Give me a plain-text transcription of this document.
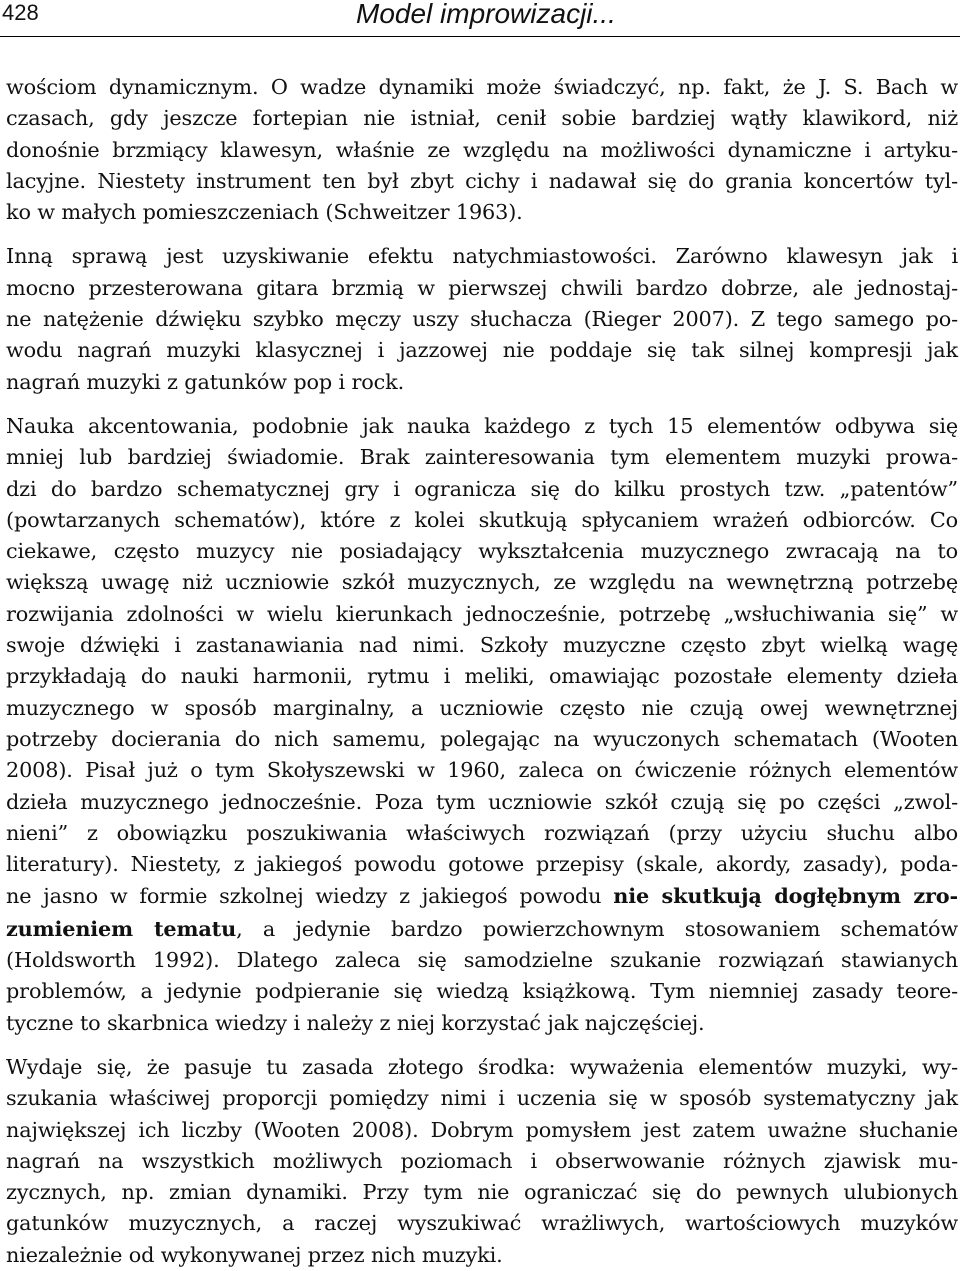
428	Model improwizacji...

wościom dynamicznym. O wadze dynamiki może świadczyć, np. fakt, że J. S. Bach w
czasach, gdy jeszcze fortepian nie istniał, cenił sobie bardziej wątły klawikord, niż
donośnie brzmiący klawesyn, właśnie ze względu na możliwości dynamiczne i artyku-
lacyjne. Niestety instrument ten był zbyt cichy i nadawał się do grania koncertów tyl-
ko w małych pomieszczeniach (Schweitzer 1963).

Inną sprawą jest uzyskiwanie efektu natychmiastowości. Zarówno klawesyn jak i
mocno przesterowana gitara brzmią w pierwszej chwili bardzo dobrze, ale jednostaj-
ne natężenie dźwięku szybko męczy uszy słuchacza (Rieger 2007). Z tego samego po-
wodu nagrań muzyki klasycznej i jazzowej nie poddaje się tak silnej kompresji jak
nagrań muzyki z gatunków pop i rock.

Nauka akcentowania, podobnie jak nauka każdego z tych 15 elementów odbywa się
mniej lub bardziej świadomie. Brak zainteresowania tym elementem muzyki prowa-
dzi do bardzo schematycznej gry i ogranicza się do kilku prostych tzw. „patentów”
(powtarzanych schematów), które z kolei skutkują spłycaniem wrażeń odbiorców. Co
ciekawe, często muzycy nie posiadający wykształcenia muzycznego zwracają na to
większą uwagę niż uczniowie szkół muzycznych, ze względu na wewnętrzną potrzebę
rozwijania zdolności w wielu kierunkach jednocześnie, potrzebę „wsłuchiwania się” w
swoje dźwięki i zastanawiania nad nimi. Szkoły muzyczne często zbyt wielką wagę
przykładają do nauki harmonii, rytmu i meliki, omawiając pozostałe elementy dzieła
muzycznego w sposób marginalny, a uczniowie często nie czują owej wewnętrznej
potrzeby docierania do nich samemu, polegając na wyuczonych schematach (Wooten
2008). Pisał już o tym Skołyszewski w 1960, zaleca on ćwiczenie różnych elementów
dzieła muzycznego jednocześnie. Poza tym uczniowie szkół czują się po części „zwol-
nieni” z obowiązku poszukiwania właściwych rozwiązań (przy użyciu słuchu albo
literatury). Niestety, z jakiegoś powodu gotowe przepisy (skale, akordy, zasady), poda-
ne jasno w formie szkolnej wiedzy z jakiegoś powodu nie skutkują dogłębnym zro-
zumieniem tematu, a jedynie bardzo powierzchownym stosowaniem schematów
(Holdsworth 1992). Dlatego zaleca się samodzielne szukanie rozwiązań stawianych
problemów, a jedynie podpieranie się wiedzą książkową. Tym niemniej zasady teore-
tyczne to skarbnica wiedzy i należy z niej korzystać jak najczęściej.

Wydaje się, że pasuje tu zasada złotego środka: wyważenia elementów muzyki, wy-
szukania właściwej proporcji pomiędzy nimi i uczenia się w sposób systematyczny jak
największej ich liczby (Wooten 2008). Dobrym pomysłem jest zatem uważne słuchanie
nagrań na wszystkich możliwych poziomach i obserwowanie różnych zjawisk mu-
zycznych, np. zmian dynamiki. Przy tym nie ograniczać się do pewnych ulubionych
gatunków muzycznych, a raczej wyszukiwać wrażliwych, wartościowych muzyków
niezależnie od wykonywanej przez nich muzyki.
